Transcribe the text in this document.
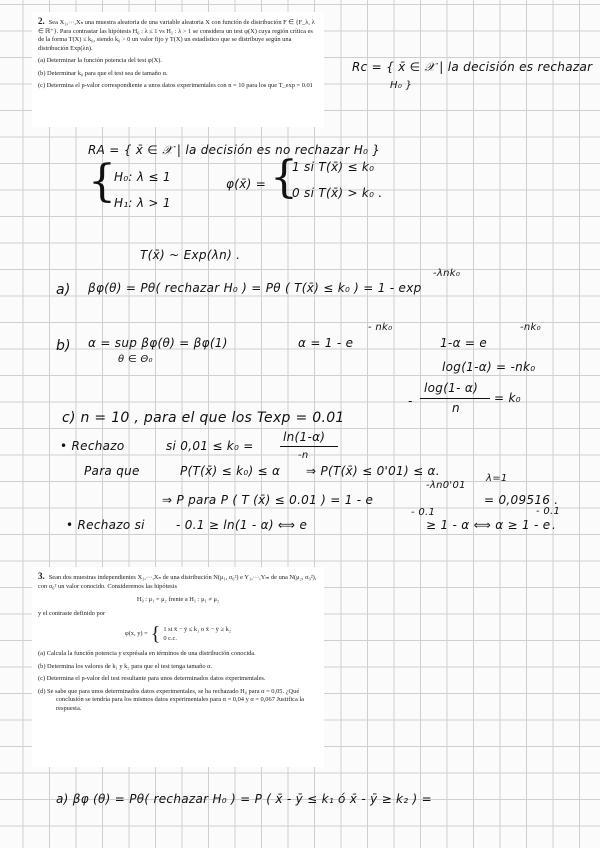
2. Sea X₁,···,Xₙ una muestra aleatoria de una variable aleatoria X con función de distribución F ∈ {F_λ, λ ∈ ℝ⁺}. Para contrastar las hipótesis H₀ : λ ≤ 1 vs H₁ : λ > 1 se considera un test φ(X) cuya región crítica es de la forma T(X) ≤ k₀, siendo k₀ > 0 un valor fijo y T(X) un estadístico que se distribuye según una distribución Exp(λn).
(a) Determinar la función potencia del test φ(X).
(b) Determinar k₀ para que el test sea de tamaño α.
(c) Determina el p-valor correspondiente a unos datos experimentales con n = 10 para los que T_exp = 0.01
3. Sean dos muestras independientes X₁,···,Xₙ de una distribución N(μ₁, σ₀²) e Y₁,···,Yₘ de una N(μ₂, σ₀²), con σ₀² un valor conocido. Consideremos las hipótesis
H₀ : μ₁ = μ₂ frente a H₁ : μ₁ ≠ μ₂
y el contraste definido por
φ(x, y) = { 1 si x̄ − ȳ ≤ k₁ o x̄ − ȳ ≥ k₂
0 c.c.
(a) Calcula la función potencia y exprésala en términos de una distribución conocida.
(b) Determina los valores de k₁ y k₂ para que el test tenga tamaño α.
(c) Determina el p-valor del test resultante para unos determinados datos experimentales.
(d) Se sabe que para unos determinados datos experimentales, se ha rechazado H₀ para α = 0,05. ¿Qué conclusión se tendría para los mismos datos experimentales para α = 0,04 y α = 0,067 Justifica la respuesta.
Rc = { x̄ ∈ 𝒳 | la decisión es rechazar
H₀ }
RA = { x̄ ∈ 𝒳 | la decisión es no rechazar H₀ }
{
H₀: λ ≤ 1
H₁: λ > 1
φ(x̄) = {
1 si T(x̄) ≤ k₀
0 si T(x̄) > k₀ .
T(x̄) ~ Exp(λn) .
a) βφ(θ) = Pθ( rechazar H₀ ) = Pθ ( T(x̄) ≤ k₀ ) = 1 - exp
-λnk₀
b) α = sup βφ(θ) = βφ(1)
θ ∈ Θ₀
α = 1 - e
- nk₀
1-α = e
-nk₀
log(1-α) = -nk₀
-
log(1- α)
n
= k₀
c) n = 10 , para el que los Texp = 0.01
• Rechazo	si 0,01 ≤ k₀ =
ln(1-α)
-n
Para que	P(T(x̄) ≤ k₀) ≤ α ⇒ P(T(x̄) ≤ 0'01) ≤ α.
⇒ P para P ( T (x̄) ≤ 0.01 ) = 1 - e
-λn0'01
λ=1
= 0,09516 .
• Rechazo si	- 0.1 ≥ ln(1 - α) ⟺ e
- 0.1
≥ 1 - α ⟺ α ≥ 1 - e
- 0.1
.
a) βφ (θ) = Pθ( rechazar H₀ ) = P ( x̄ - ȳ ≤ k₁ ó x̄ - ȳ ≥ k₂ ) =
